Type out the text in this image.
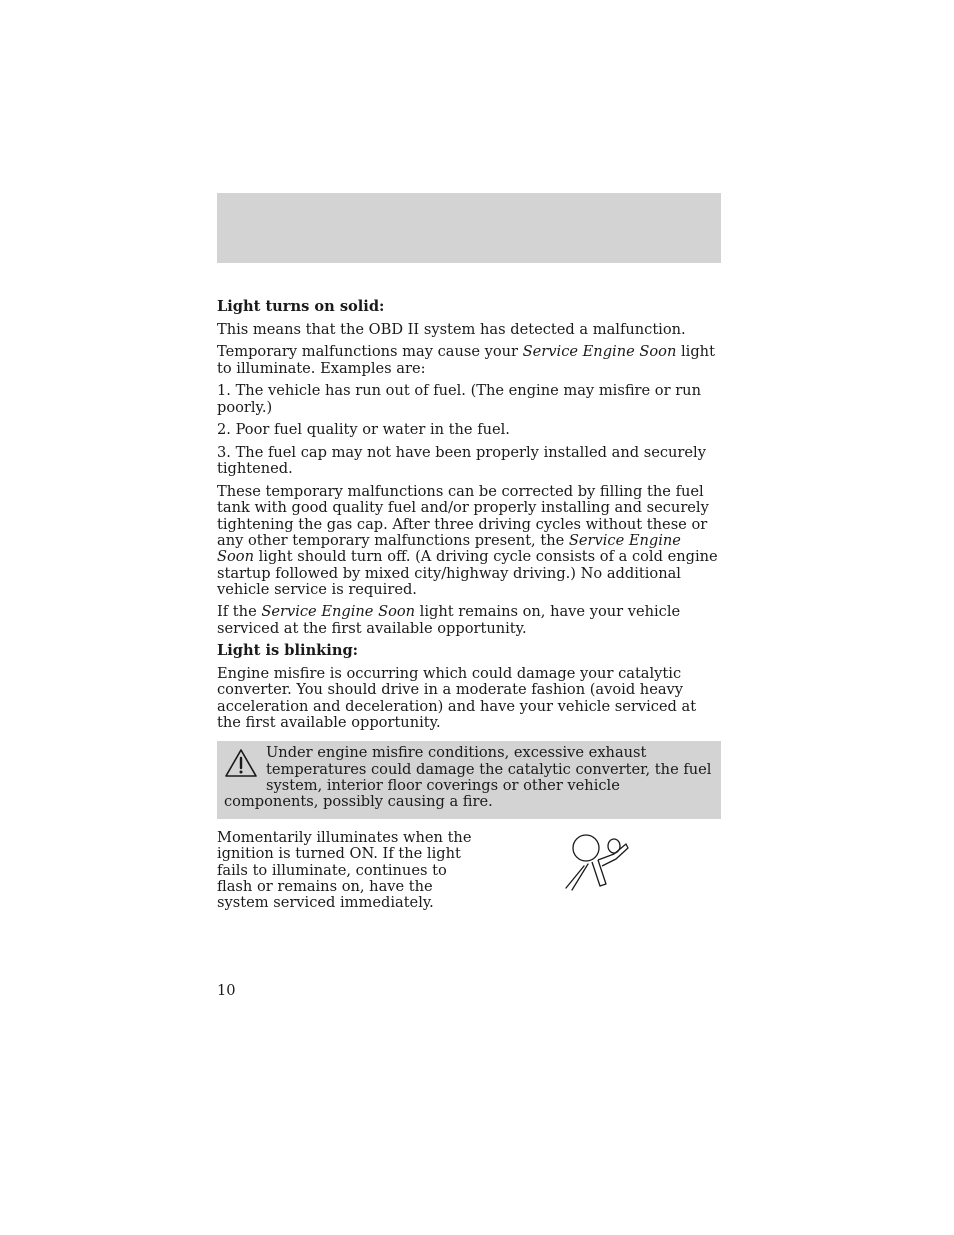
Light turns on solid:

This means that the OBD II system has detected a malfunction.

Temporary malfunctions may cause your Service Engine Soon light to illuminate. Examples are:

1. The vehicle has run out of fuel. (The engine may misfire or run poorly.)

2. Poor fuel quality or water in the fuel.

3. The fuel cap may not have been properly installed and securely tightened.

These temporary malfunctions can be corrected by filling the fuel tank with good quality fuel and/or properly installing and securely tightening the gas cap. After three driving cycles without these or any other temporary malfunctions present, the Service Engine Soon light should turn off. (A driving cycle consists of a cold engine startup followed by mixed city/highway driving.) No additional vehicle service is required.

If the Service Engine Soon light remains on, have your vehicle serviced at the first available opportunity.

Light is blinking:

Engine misfire is occurring which could damage your catalytic converter. You should drive in a moderate fashion (avoid heavy acceleration and deceleration) and have your vehicle serviced at the first available opportunity.

Under engine misfire conditions, excessive exhaust temperatures could damage the catalytic converter, the fuel system, interior floor coverings or other vehicle components, possibly causing a fire.

Momentarily illuminates when the ignition is turned ON. If the light fails to illuminate, continues to flash or remains on, have the system serviced immediately.

10
